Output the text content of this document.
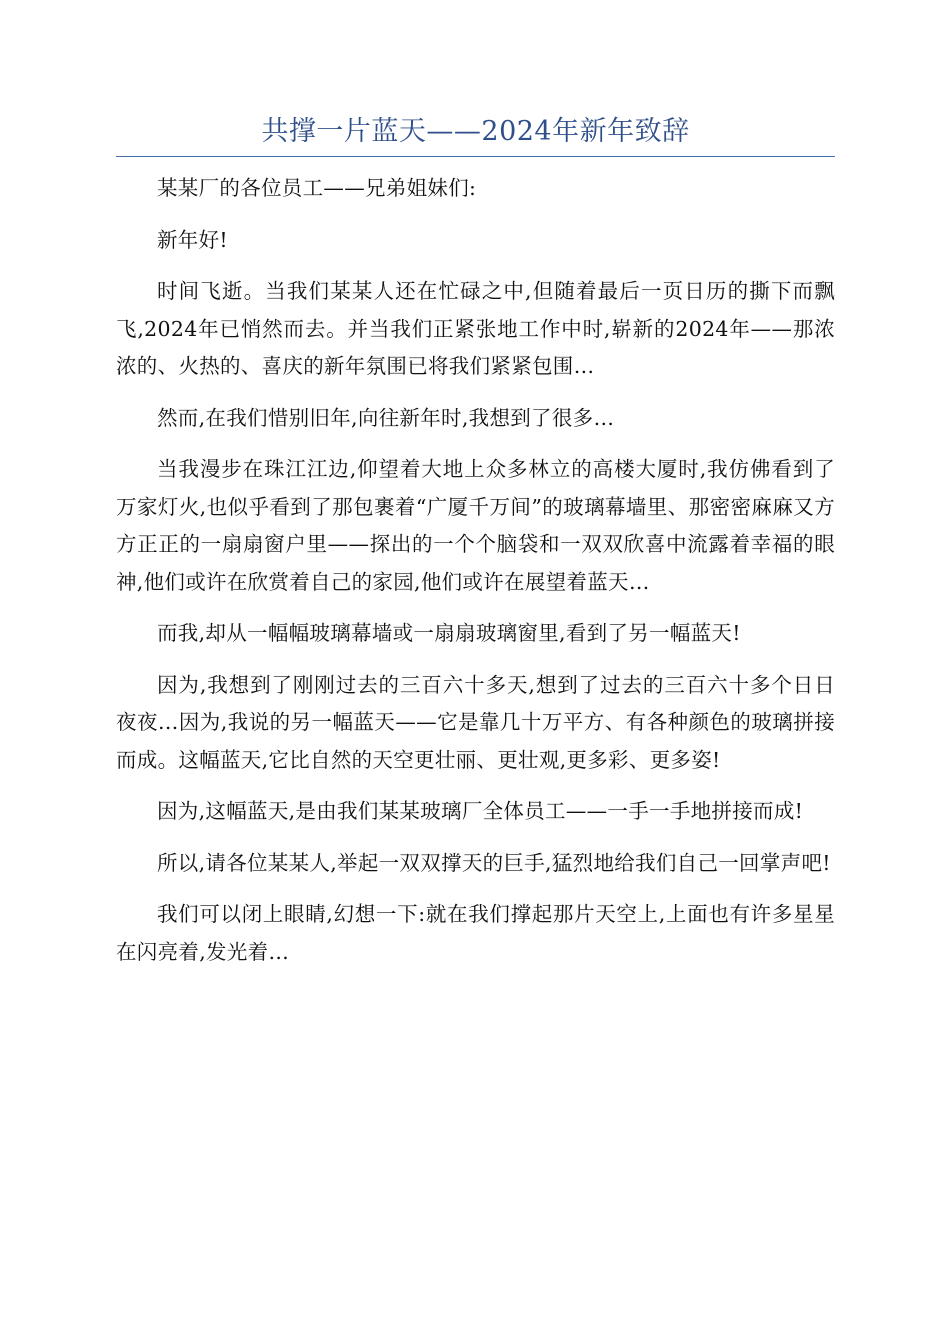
共撑一片蓝天——2024年新年致辞

某某厂的各位员工——兄弟姐妹们:

新年好!

时间飞逝。当我们某某人还在忙碌之中,但随着最后一页日历的撕下而飘飞,2024年已悄然而去。并当我们正紧张地工作中时,崭新的2024年——那浓浓的、火热的、喜庆的新年氛围已将我们紧紧包围…

然而,在我们惜别旧年,向往新年时,我想到了很多…

当我漫步在珠江江边,仰望着大地上众多林立的高楼大厦时,我仿佛看到了万家灯火,也似乎看到了那包裹着“广厦千万间”的玻璃幕墙里、那密密麻麻又方方正正的一扇扇窗户里——探出的一个个脑袋和一双双欣喜中流露着幸福的眼神,他们或许在欣赏着自己的家园,他们或许在展望着蓝天…

而我,却从一幅幅玻璃幕墙或一扇扇玻璃窗里,看到了另一幅蓝天!

因为,我想到了刚刚过去的三百六十多天,想到了过去的三百六十多个日日夜夜…因为,我说的另一幅蓝天——它是靠几十万平方、有各种颜色的玻璃拼接而成。这幅蓝天,它比自然的天空更壮丽、更壮观,更多彩、更多姿!

因为,这幅蓝天,是由我们某某玻璃厂全体员工——一手一手地拼接而成!

所以,请各位某某人,举起一双双撑天的巨手,猛烈地给我们自己一回掌声吧!

我们可以闭上眼睛,幻想一下:就在我们撑起那片天空上,上面也有许多星星在闪亮着,发光着…
